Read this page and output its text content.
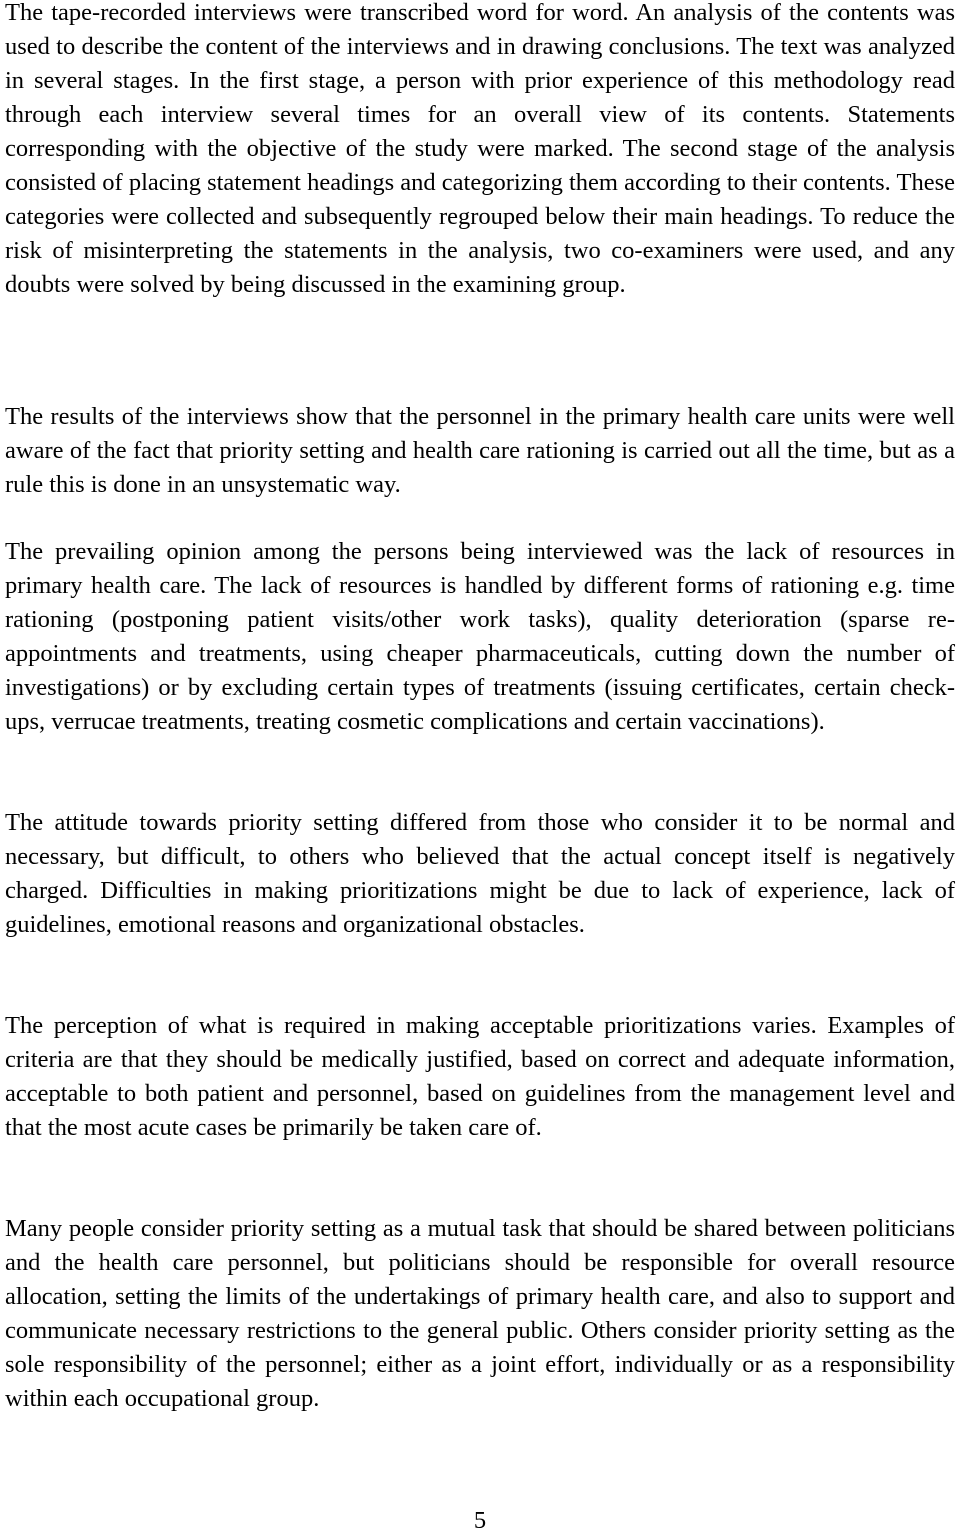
The tape-recorded interviews were transcribed word for word. An analysis of the contents was used to describe the content of the interviews and in drawing conclusions. The text was analyzed in several stages. In the first stage, a person with prior experience of this methodology read through each interview several times for an overall view of its contents. Statements corresponding with the objective of the study were marked. The second stage of the analysis consisted of placing statement headings and categorizing them according to their contents. These categories were collected and subsequently regrouped below their main headings. To reduce the risk of misinterpreting the statements in the analysis, two co-examiners were used, and any doubts were solved by being discussed in the examining group.

The results of the interviews show that the personnel in the primary health care units were well aware of the fact that priority setting and health care rationing is carried out all the time, but as a rule this is done in an unsystematic way.

The prevailing opinion among the persons being interviewed was the lack of resources in primary health care. The lack of resources is handled by different forms of rationing e.g. time rationing (postponing patient visits/other work tasks), quality deterioration (sparse re-appointments and treatments, using cheaper pharmaceuticals, cutting down the number of investigations) or by excluding certain types of treatments (issuing certificates, certain check-ups, verrucae treatments, treating cosmetic complications and certain vaccinations).

The attitude towards priority setting differed from those who consider it to be normal and necessary, but difficult, to others who believed that the actual concept itself is negatively charged. Difficulties in making prioritizations might be due to lack of experience, lack of guidelines, emotional reasons and organizational obstacles.

The perception of what is required in making acceptable prioritizations varies. Examples of criteria are that they should be medically justified, based on correct and adequate information, acceptable to both patient and personnel, based on guidelines from the management level and that the most acute cases be primarily be taken care of.

Many people consider priority setting as a mutual task that should be shared between politicians and the health care personnel, but politicians should be responsible for overall resource allocation, setting the limits of the undertakings of primary health care, and also to support and communicate necessary restrictions to the general public. Others consider priority setting as the sole responsibility of the personnel; either as a joint effort, individually or as a responsibility within each occupational group.

5
